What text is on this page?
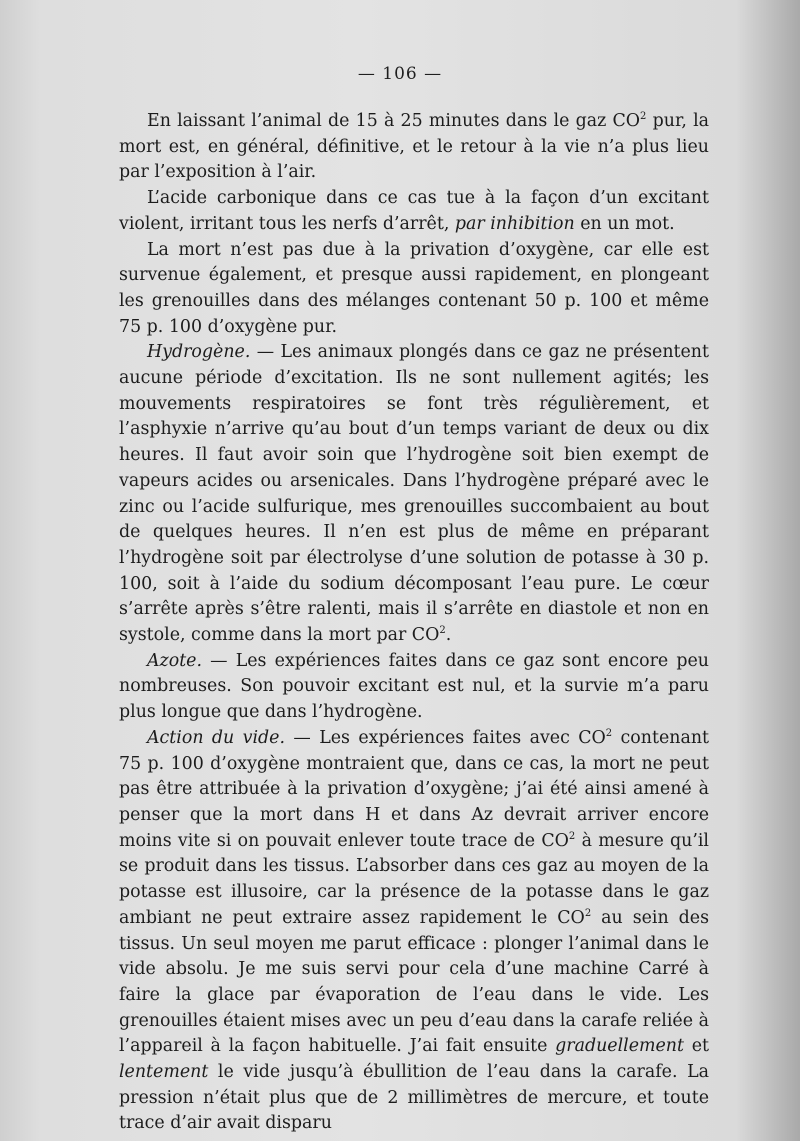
— 106 —

En laissant l’animal de 15 à 25 minutes dans le gaz $CO^2$ pur, la mort est, en général, définitive, et le retour à la vie n’a plus lieu par l’exposition à l’air.

L’acide carbonique dans ce cas tue à la façon d’un excitant violent, irritant tous les nerfs d’arrêt, par inhibition en un mot.

La mort n’est pas due à la privation d’oxygène, car elle est survenue également, et presque aussi rapidement, en plongeant les grenouilles dans des mélanges contenant 50 p. 100 et même 75 p. 100 d’oxygène pur.

Hydrogène. — Les animaux plongés dans ce gaz ne présentent aucune période d’excitation. Ils ne sont nullement agités; les mouvements respiratoires se font très régulièrement, et l’asphyxie n’arrive qu’au bout d’un temps variant de deux ou dix heures. Il faut avoir soin que l’hydrogène soit bien exempt de vapeurs acides ou arsenicales. Dans l’hydrogène préparé avec le zinc ou l’acide sulfurique, mes grenouilles succombaient au bout de quelques heures. Il n’en est plus de même en préparant l’hydrogène soit par électrolyse d’une solution de potasse à 30 p. 100, soit à l’aide du sodium décomposant l’eau pure. Le cœur s’arrête après s’être ralenti, mais il s’arrête en diastole et non en systole, comme dans la mort par $CO^2$.

Azote. — Les expériences faites dans ce gaz sont encore peu nombreuses. Son pouvoir excitant est nul, et la survie m’a paru plus longue que dans l’hydrogène.

Action du vide. — Les expériences faites avec $CO^2$ contenant 75 p. 100 d’oxygène montraient que, dans ce cas, la mort ne peut pas être attribuée à la privation d’oxygène; j’ai été ainsi amené à penser que la mort dans H et dans Az devrait arriver encore moins vite si on pouvait enlever toute trace de $CO^2$ à mesure qu’il se produit dans les tissus. L’absorber dans ces gaz au moyen de la potasse est illusoire, car la présence de la potasse dans le gaz ambiant ne peut extraire assez rapidement le $CO^2$ au sein des tissus. Un seul moyen me parut efficace : plonger l’animal dans le vide absolu. Je me suis servi pour cela d’une machine Carré à faire la glace par évaporation de l’eau dans le vide. Les grenouilles étaient mises avec un peu d’eau dans la carafe reliée à l’appareil à la façon habituelle. J’ai fait ensuite graduellement et lentement le vide jusqu’à ébullition de l’eau dans la carafe. La pression n’était plus que de 2 millimètres de mercure, et toute trace d’air avait disparu
